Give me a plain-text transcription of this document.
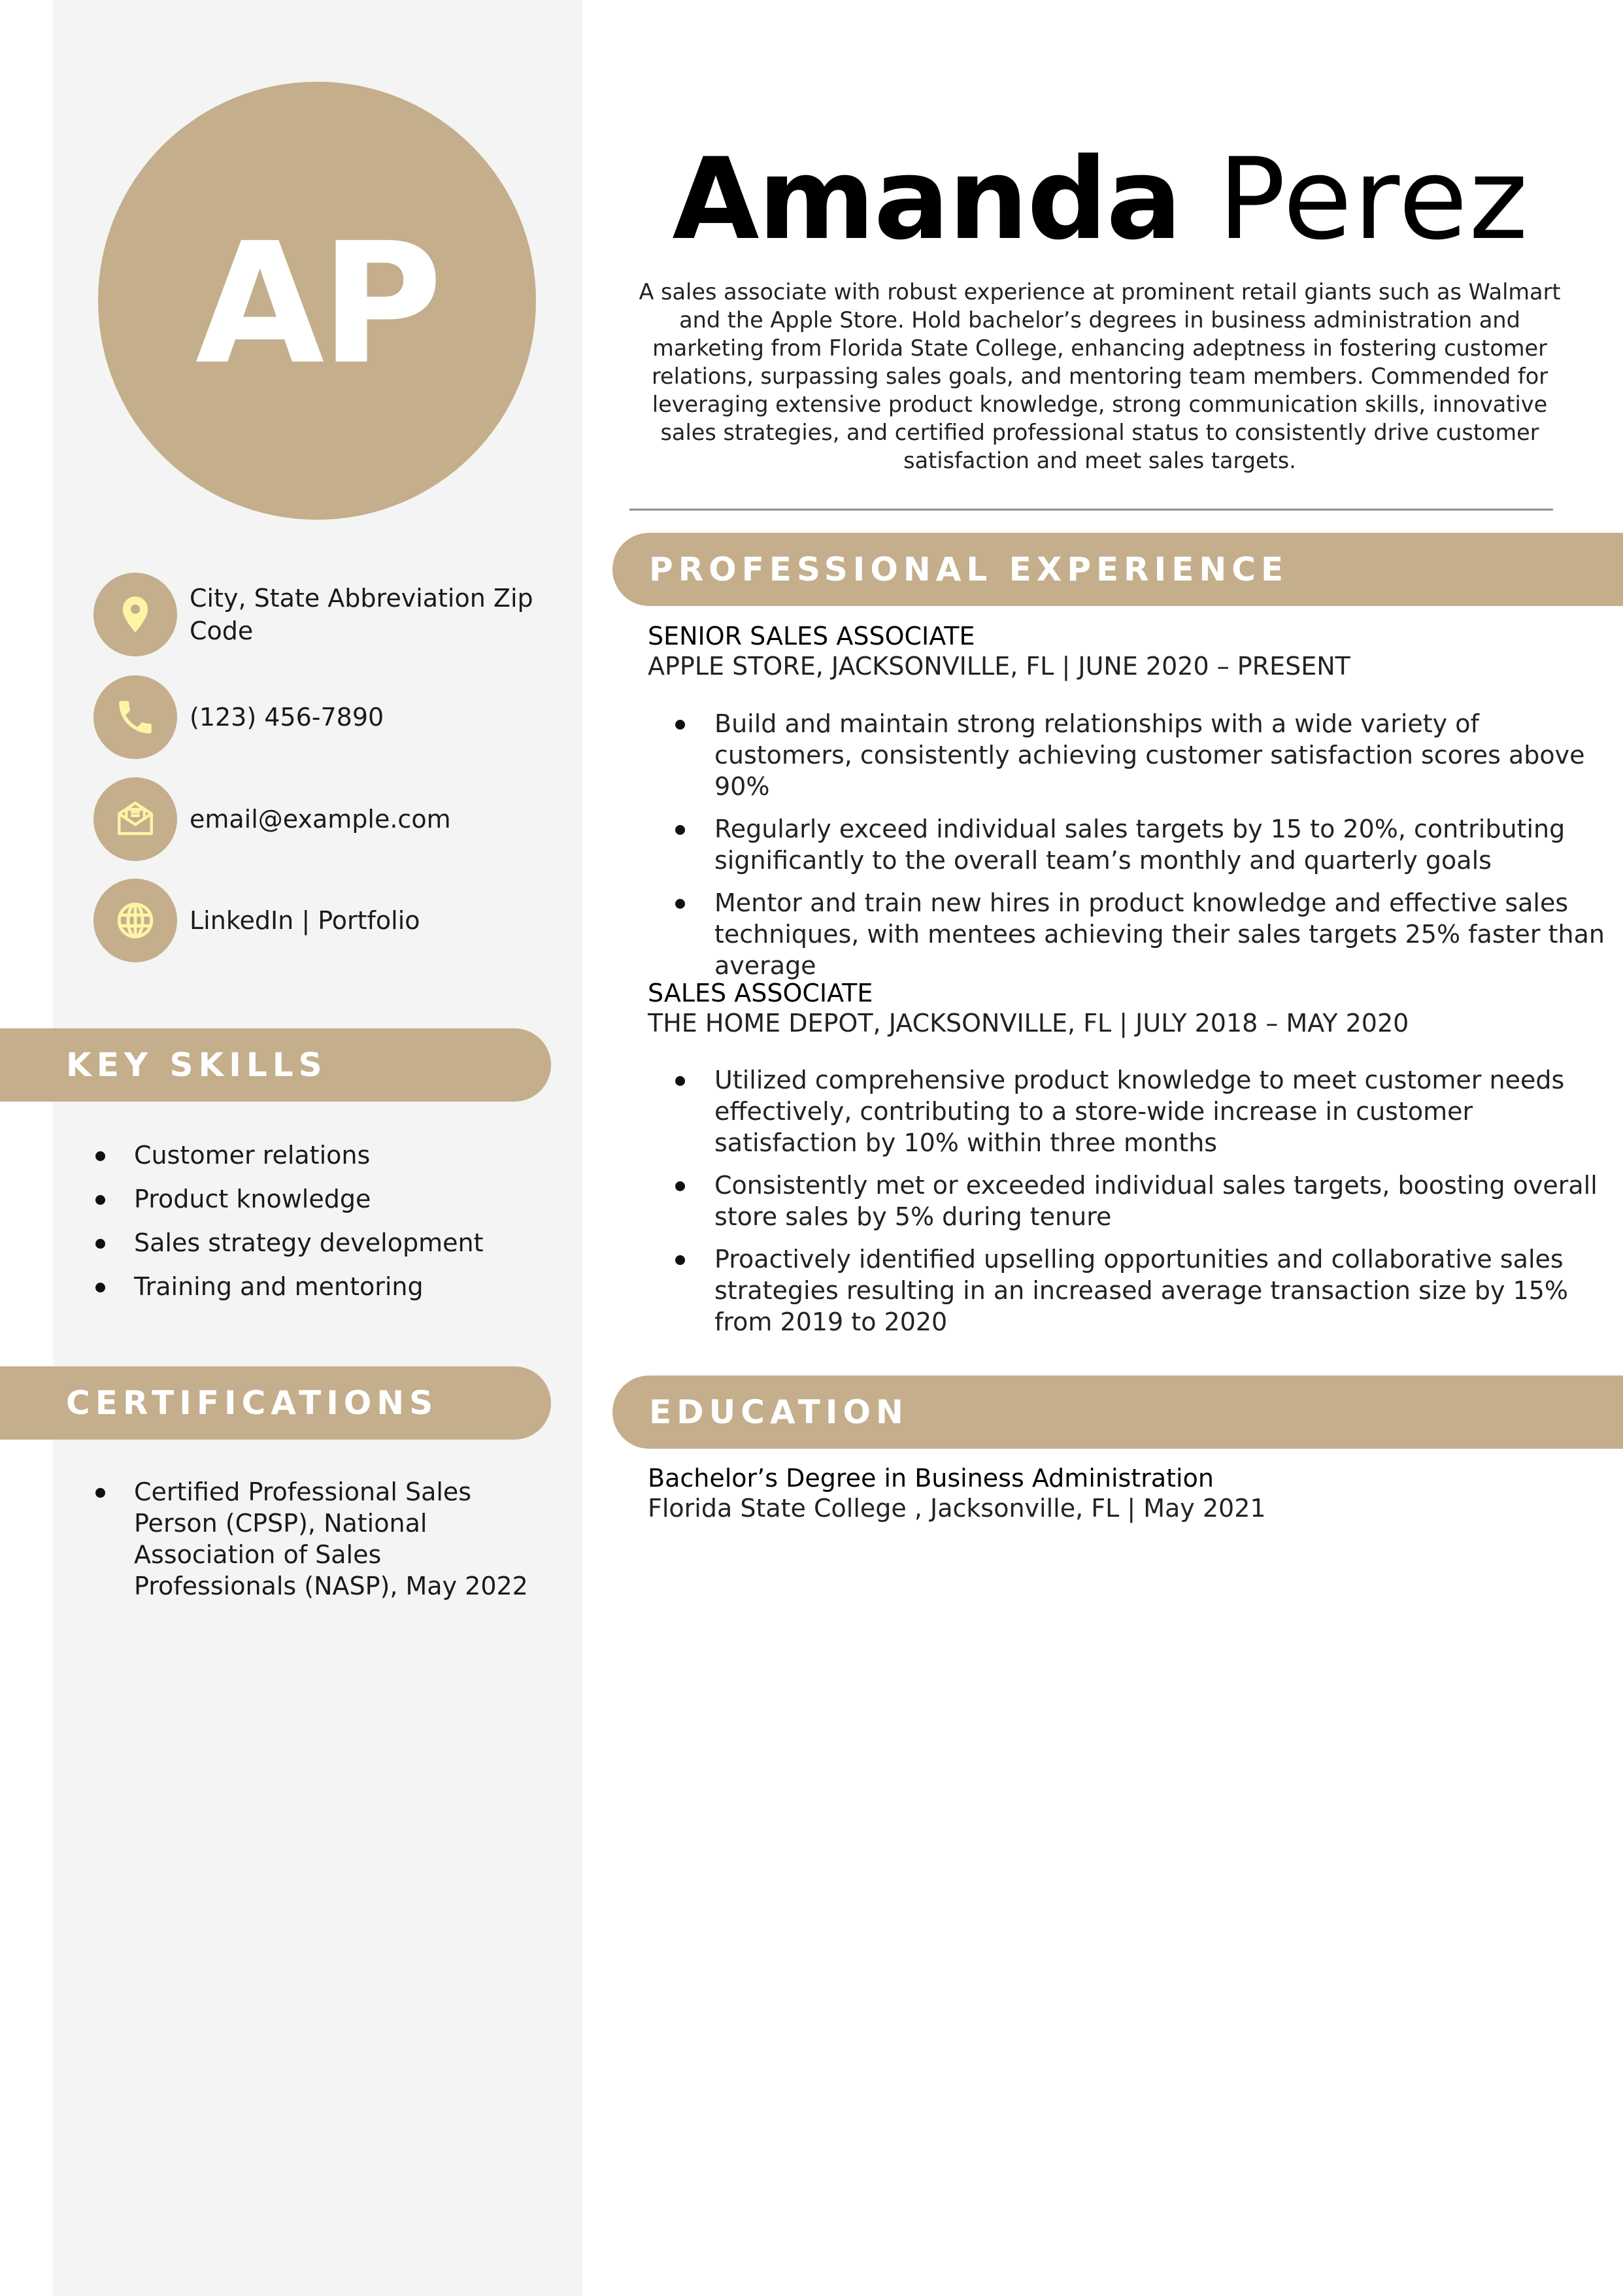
AP
City, State Abbreviation Zip Code
(123) 456-7890
email@example.com
LinkedIn | Portfolio
KEY SKILLS
Customer relations
Product knowledge
Sales strategy development
Training and mentoring
CERTIFICATIONS
Certified Professional Sales Person (CPSP), National Association of Sales Professionals (NASP), May 2022
Amanda Perez
A sales associate with robust experience at prominent retail giants such as Walmart and the Apple Store. Hold bachelor’s degrees in business administration and marketing from Florida State College, enhancing adeptness in fostering customer relations, surpassing sales goals, and mentoring team members. Commended for leveraging extensive product knowledge, strong communication skills, innovative sales strategies, and certified professional status to consistently drive customer satisfaction and meet sales targets.
PROFESSIONAL EXPERIENCE
SENIOR SALES ASSOCIATE
APPLE STORE, JACKSONVILLE, FL | JUNE 2020 – PRESENT
Build and maintain strong relationships with a wide variety of customers, consistently achieving customer satisfaction scores above 90%
Regularly exceed individual sales targets by 15 to 20%, contributing significantly to the overall team’s monthly and quarterly goals
Mentor and train new hires in product knowledge and effective sales techniques, with mentees achieving their sales targets 25% faster than average
SALES ASSOCIATE
THE HOME DEPOT, JACKSONVILLE, FL | JULY 2018 – MAY 2020
Utilized comprehensive product knowledge to meet customer needs effectively, contributing to a store-wide increase in customer satisfaction by 10% within three months
Consistently met or exceeded individual sales targets, boosting overall store sales by 5% during tenure
Proactively identified upselling opportunities and collaborative sales strategies resulting in an increased average transaction size by 15% from 2019 to 2020
EDUCATION
Bachelor’s Degree in Business Administration
Florida State College , Jacksonville, FL | May 2021
